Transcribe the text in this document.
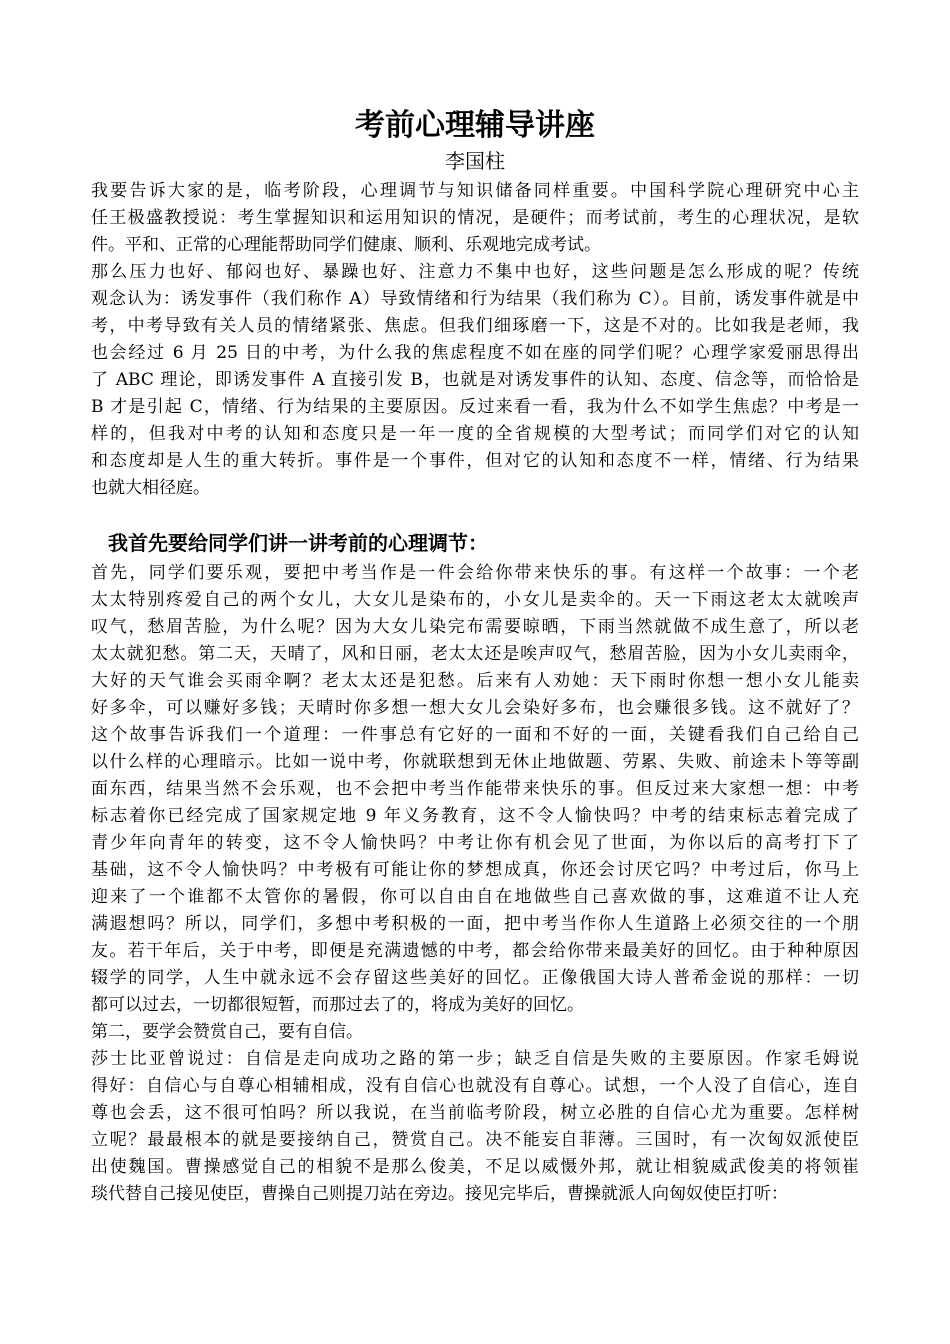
考前心理辅导讲座
李国柱
我要告诉大家的是，临考阶段，心理调节与知识储备同样重要。中国科学院心理研究中心主
任王极盛教授说：考生掌握知识和运用知识的情况，是硬件；而考试前，考生的心理状况，是软
件。平和、正常的心理能帮助同学们健康、顺利、乐观地完成考试。
那么压力也好、郁闷也好、暴躁也好、注意力不集中也好，这些问题是怎么形成的呢？传统
观念认为：诱发事件（我们称作 A）导致情绪和行为结果（我们称为 C）。目前，诱发事件就是中
考，中考导致有关人员的情绪紧张、焦虑。但我们细琢磨一下，这是不对的。比如我是老师，我
也会经过 6 月 25 日的中考，为什么我的焦虑程度不如在座的同学们呢？心理学家爱丽思得出
了 ABC 理论，即诱发事件 A 直接引发 B，也就是对诱发事件的认知、态度、信念等，而恰恰是
B 才是引起 C，情绪、行为结果的主要原因。反过来看一看，我为什么不如学生焦虑？中考是一
样的，但我对中考的认知和态度只是一年一度的全省规模的大型考试；而同学们对它的认知
和态度却是人生的重大转折。事件是一个事件，但对它的认知和态度不一样，情绪、行为结果
也就大相径庭。
我首先要给同学们讲一讲考前的心理调节：
首先，同学们要乐观，要把中考当作是一件会给你带来快乐的事。有这样一个故事：一个老
太太特别疼爱自己的两个女儿，大女儿是染布的，小女儿是卖伞的。天一下雨这老太太就唉声
叹气，愁眉苦脸，为什么呢？因为大女儿染完布需要晾晒，下雨当然就做不成生意了，所以老
太太就犯愁。第二天，天晴了，风和日丽，老太太还是唉声叹气，愁眉苦脸，因为小女儿卖雨伞，
大好的天气谁会买雨伞啊？老太太还是犯愁。后来有人劝她：天下雨时你想一想小女儿能卖
好多伞，可以赚好多钱；天晴时你多想一想大女儿会染好多布，也会赚很多钱。这不就好了？
这个故事告诉我们一个道理：一件事总有它好的一面和不好的一面，关键看我们自己给自己
以什么样的心理暗示。比如一说中考，你就联想到无休止地做题、劳累、失败、前途未卜等等副
面东西，结果当然不会乐观，也不会把中考当作能带来快乐的事。但反过来大家想一想：中考
标志着你已经完成了国家规定地 9 年义务教育，这不令人愉快吗？中考的结束标志着完成了
青少年向青年的转变，这不令人愉快吗？中考让你有机会见了世面，为你以后的高考打下了
基础，这不令人愉快吗？中考极有可能让你的梦想成真，你还会讨厌它吗？中考过后，你马上
迎来了一个谁都不太管你的暑假，你可以自由自在地做些自己喜欢做的事，这难道不让人充
满遐想吗？所以，同学们，多想中考积极的一面，把中考当作你人生道路上必须交往的一个朋
友。若干年后，关于中考，即便是充满遗憾的中考，都会给你带来最美好的回忆。由于种种原因
辍学的同学，人生中就永远不会存留这些美好的回忆。正像俄国大诗人普希金说的那样：一切
都可以过去，一切都很短暂，而那过去了的，将成为美好的回忆。
第二，要学会赞赏自己，要有自信。
莎士比亚曾说过：自信是走向成功之路的第一步；缺乏自信是失败的主要原因。作家毛姆说
得好：自信心与自尊心相辅相成，没有自信心也就没有自尊心。试想，一个人没了自信心，连自
尊也会丢，这不很可怕吗？所以我说，在当前临考阶段，树立必胜的自信心尤为重要。怎样树
立呢？最最根本的就是要接纳自己，赞赏自己。决不能妄自菲薄。三国时，有一次匈奴派使臣
出使魏国。曹操感觉自己的相貌不是那么俊美，不足以威慑外邦，就让相貌威武俊美的将领崔
琰代替自己接见使臣，曹操自己则提刀站在旁边。接见完毕后，曹操就派人向匈奴使臣打听：
